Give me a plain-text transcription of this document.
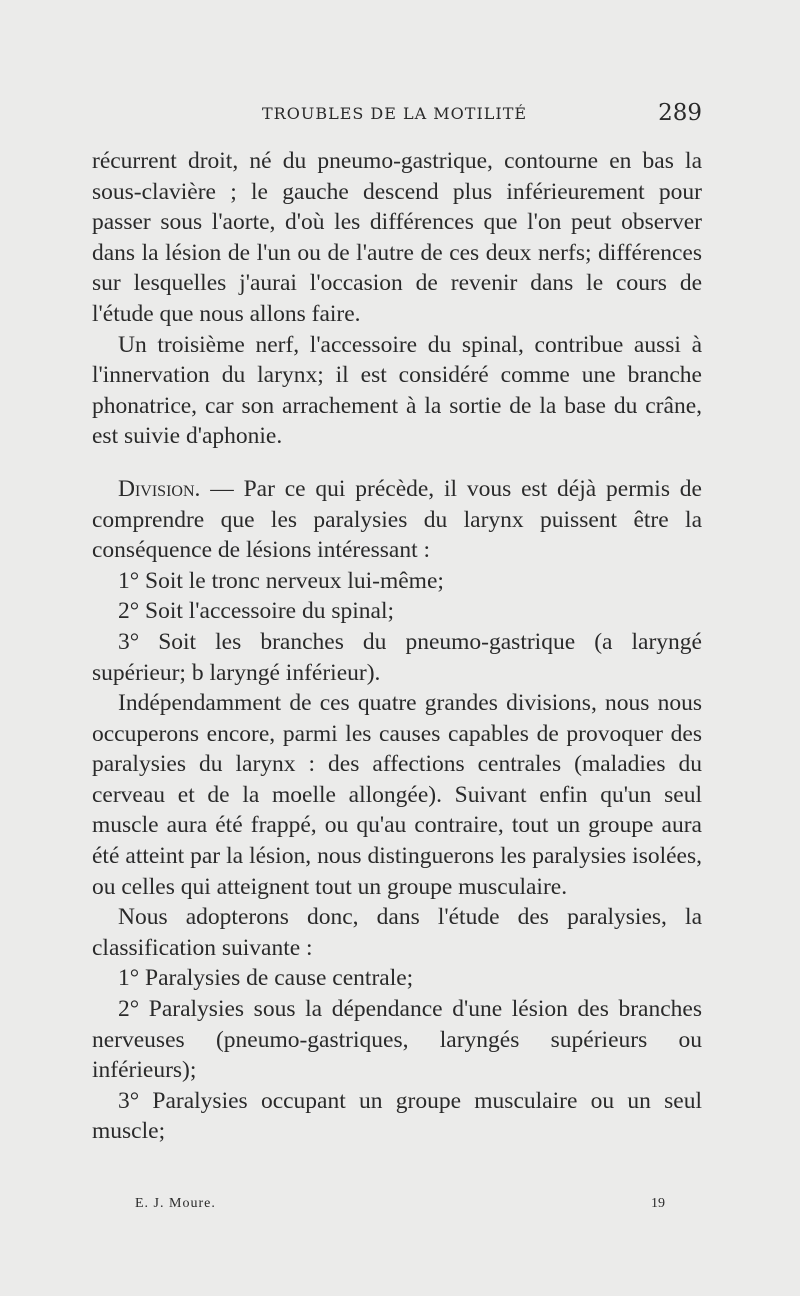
TROUBLES DE LA MOTILITÉ	289

récurrent droit, né du pneumo-gastrique, contourne en bas la sous-clavière ; le gauche descend plus inférieurement pour passer sous l'aorte, d'où les différences que l'on peut observer dans la lésion de l'un ou de l'autre de ces deux nerfs; différences sur lesquelles j'aurai l'occasion de revenir dans le cours de l'étude que nous allons faire.

Un troisième nerf, l'accessoire du spinal, contribue aussi à l'innervation du larynx; il est considéré comme une branche phonatrice, car son arrachement à la sortie de la base du crâne, est suivie d'aphonie.

Division. — Par ce qui précède, il vous est déjà permis de comprendre que les paralysies du larynx puissent être la conséquence de lésions intéressant :

1° Soit le tronc nerveux lui-même;

2° Soit l'accessoire du spinal;

3° Soit les branches du pneumo-gastrique (a laryngé supérieur; b laryngé inférieur).

Indépendamment de ces quatre grandes divisions, nous nous occuperons encore, parmi les causes capables de provoquer des paralysies du larynx : des affections centrales (maladies du cerveau et de la moelle allongée). Suivant enfin qu'un seul muscle aura été frappé, ou qu'au contraire, tout un groupe aura été atteint par la lésion, nous distinguerons les paralysies isolées, ou celles qui atteignent tout un groupe musculaire.

Nous adopterons donc, dans l'étude des paralysies, la classification suivante :

1° Paralysies de cause centrale;

2° Paralysies sous la dépendance d'une lésion des branches nerveuses (pneumo-gastriques, laryngés supérieurs ou inférieurs);

3° Paralysies occupant un groupe musculaire ou un seul muscle;

E. J. Moure.	19
